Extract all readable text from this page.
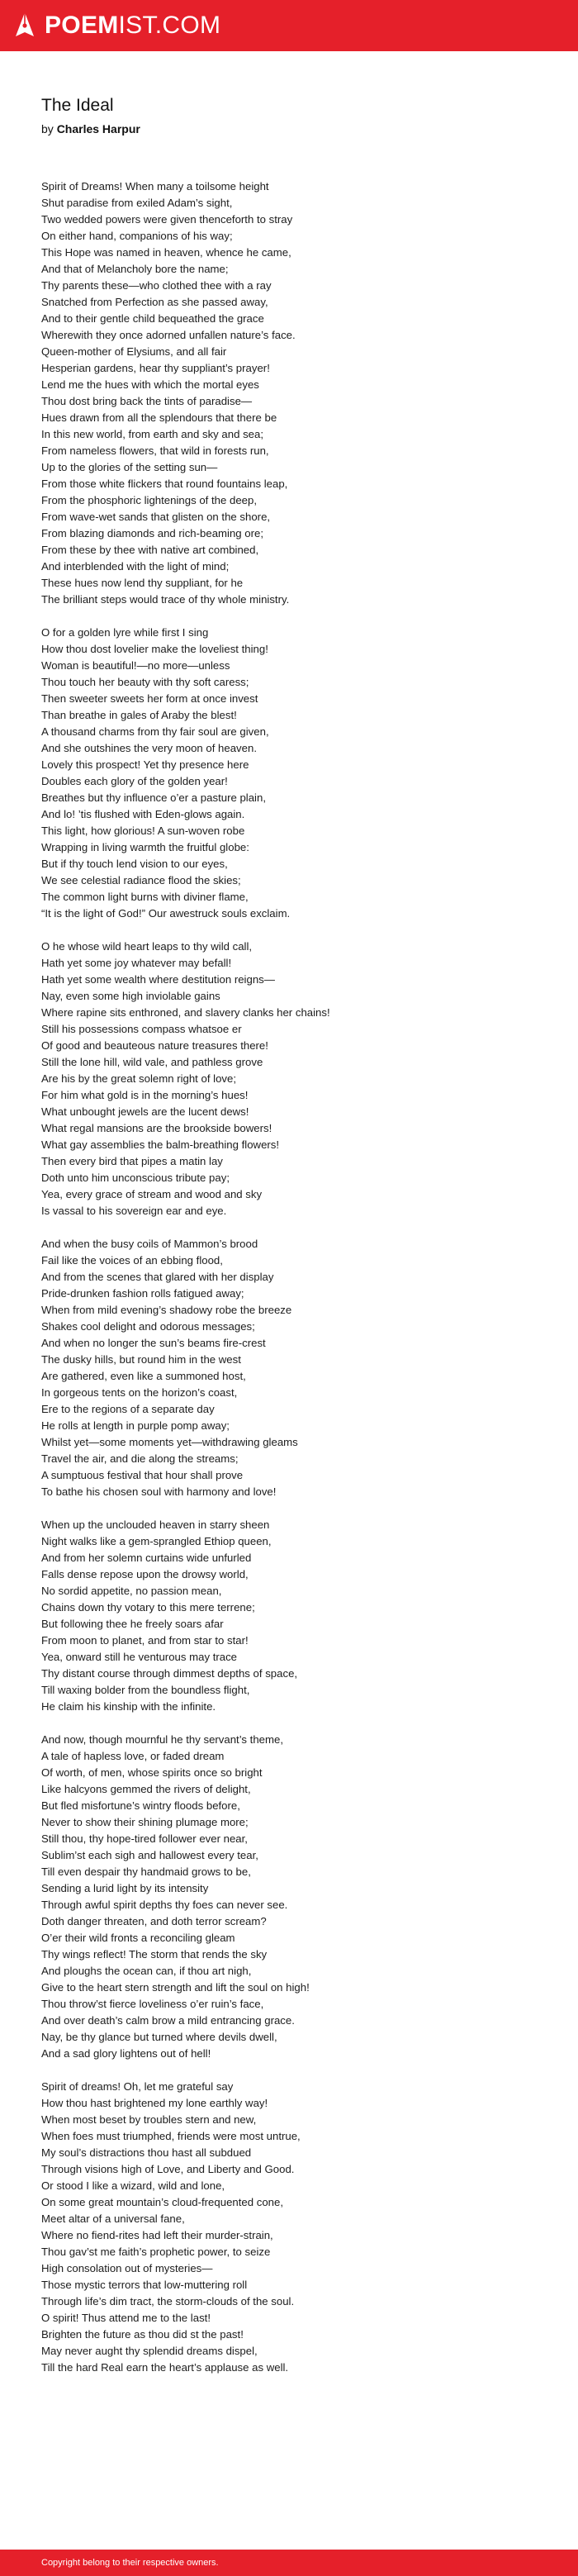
POEMIST.COM
The Ideal
by Charles Harpur
Spirit of Dreams! When many a toilsome height
Shut paradise from exiled Adam’s sight,
Two wedded powers were given thenceforth to stray
On either hand, companions of his way;
This Hope was named in heaven, whence he came,
And that of Melancholy bore the name;
Thy parents these—who clothed thee with a ray
Snatched from Perfection as she passed away,
And to their gentle child bequeathed the grace
Wherewith they once adorned unfallen nature’s face.
Queen-mother of Elysiums, and all fair
Hesperian gardens, hear thy suppliant’s prayer!
Lend me the hues with which the mortal eyes
Thou dost bring back the tints of paradise—
Hues drawn from all the splendours that there be
In this new world, from earth and sky and sea;
From nameless flowers, that wild in forests run,
Up to the glories of the setting sun—
From those white flickers that round fountains leap,
From the phosphoric lightenings of the deep,
From wave-wet sands that glisten on the shore,
From blazing diamonds and rich-beaming ore;
From these by thee with native art combined,
And interblended with the light of mind;
These hues now lend thy suppliant, for he
The brilliant steps would trace of thy whole ministry.
O for a golden lyre while first I sing
How thou dost lovelier make the loveliest thing!
Woman is beautiful!—no more—unless
Thou touch her beauty with thy soft caress;
Then sweeter sweets her form at once invest
Than breathe in gales of Araby the blest!
A thousand charms from thy fair soul are given,
And she outshines the very moon of heaven.
Lovely this prospect! Yet thy presence here
Doubles each glory of the golden year!
Breathes but thy influence o’er a pasture plain,
And lo! ’tis flushed with Eden-glows again.
This light, how glorious! A sun-woven robe
Wrapping in living warmth the fruitful globe:
But if thy touch lend vision to our eyes,
We see celestial radiance flood the skies;
The common light burns with diviner flame,
“It is the light of God!” Our awestruck souls exclaim.
O he whose wild heart leaps to thy wild call,
Hath yet some joy whatever may befall!
Hath yet some wealth where destitution reigns—
Nay, even some high inviolable gains
Where rapine sits enthroned, and slavery clanks her chains!
Still his possessions compass whatsoe er
Of good and beauteous nature treasures there!
Still the lone hill, wild vale, and pathless grove
Are his by the great solemn right of love;
For him what gold is in the morning’s hues!
What unbought jewels are the lucent dews!
What regal mansions are the brookside bowers!
What gay assemblies the balm-breathing flowers!
Then every bird that pipes a matin lay
Doth unto him unconscious tribute pay;
Yea, every grace of stream and wood and sky
Is vassal to his sovereign ear and eye.
And when the busy coils of Mammon’s brood
Fail like the voices of an ebbing flood,
And from the scenes that glared with her display
Pride-drunken fashion rolls fatigued away;
When from mild evening’s shadowy robe the breeze
Shakes cool delight and odorous messages;
And when no longer the sun’s beams fire-crest
The dusky hills, but round him in the west
Are gathered, even like a summoned host,
In gorgeous tents on the horizon’s coast,
Ere to the regions of a separate day
He rolls at length in purple pomp away;
Whilst yet—some moments yet—withdrawing gleams
Travel the air, and die along the streams;
A sumptuous festival that hour shall prove
To bathe his chosen soul with harmony and love!
When up the unclouded heaven in starry sheen
Night walks like a gem-sprangled Ethiop queen,
And from her solemn curtains wide unfurled
Falls dense repose upon the drowsy world,
No sordid appetite, no passion mean,
Chains down thy votary to this mere terrene;
But following thee he freely soars afar
From moon to planet, and from star to star!
Yea, onward still he venturous may trace
Thy distant course through dimmest depths of space,
Till waxing bolder from the boundless flight,
He claim his kinship with the infinite.
And now, though mournful he thy servant’s theme,
A tale of hapless love, or faded dream
Of worth, of men, whose spirits once so bright
Like halcyons gemmed the rivers of delight,
But fled misfortune’s wintry floods before,
Never to show their shining plumage more;
Still thou, thy hope-tired follower ever near,
Sublim’st each sigh and hallowest every tear,
Till even despair thy handmaid grows to be,
Sending a lurid light by its intensity
Through awful spirit depths thy foes can never see.
Doth danger threaten, and doth terror scream?
O’er their wild fronts a reconciling gleam
Thy wings reflect! The storm that rends the sky
And ploughs the ocean can, if thou art nigh,
Give to the heart stern strength and lift the soul on high!
Thou throw’st fierce loveliness o’er ruin’s face,
And over death’s calm brow a mild entrancing grace.
Nay, be thy glance but turned where devils dwell,
And a sad glory lightens out of hell!
Spirit of dreams! Oh, let me grateful say
How thou hast brightened my lone earthly way!
When most beset by troubles stern and new,
When foes must triumphed, friends were most untrue,
My soul’s distractions thou hast all subdued
Through visions high of Love, and Liberty and Good.
Or stood I like a wizard, wild and lone,
On some great mountain’s cloud-frequented cone,
Meet altar of a universal fane,
Where no fiend-rites had left their murder-strain,
Thou gav’st me faith’s prophetic power, to seize
High consolation out of mysteries—
Those mystic terrors that low-muttering roll
Through life’s dim tract, the storm-clouds of the soul.
O spirit! Thus attend me to the last!
Brighten the future as thou did st the past!
May never aught thy splendid dreams dispel,
Till the hard Real earn the heart’s applause as well.
Copyright belong to their respective owners.
